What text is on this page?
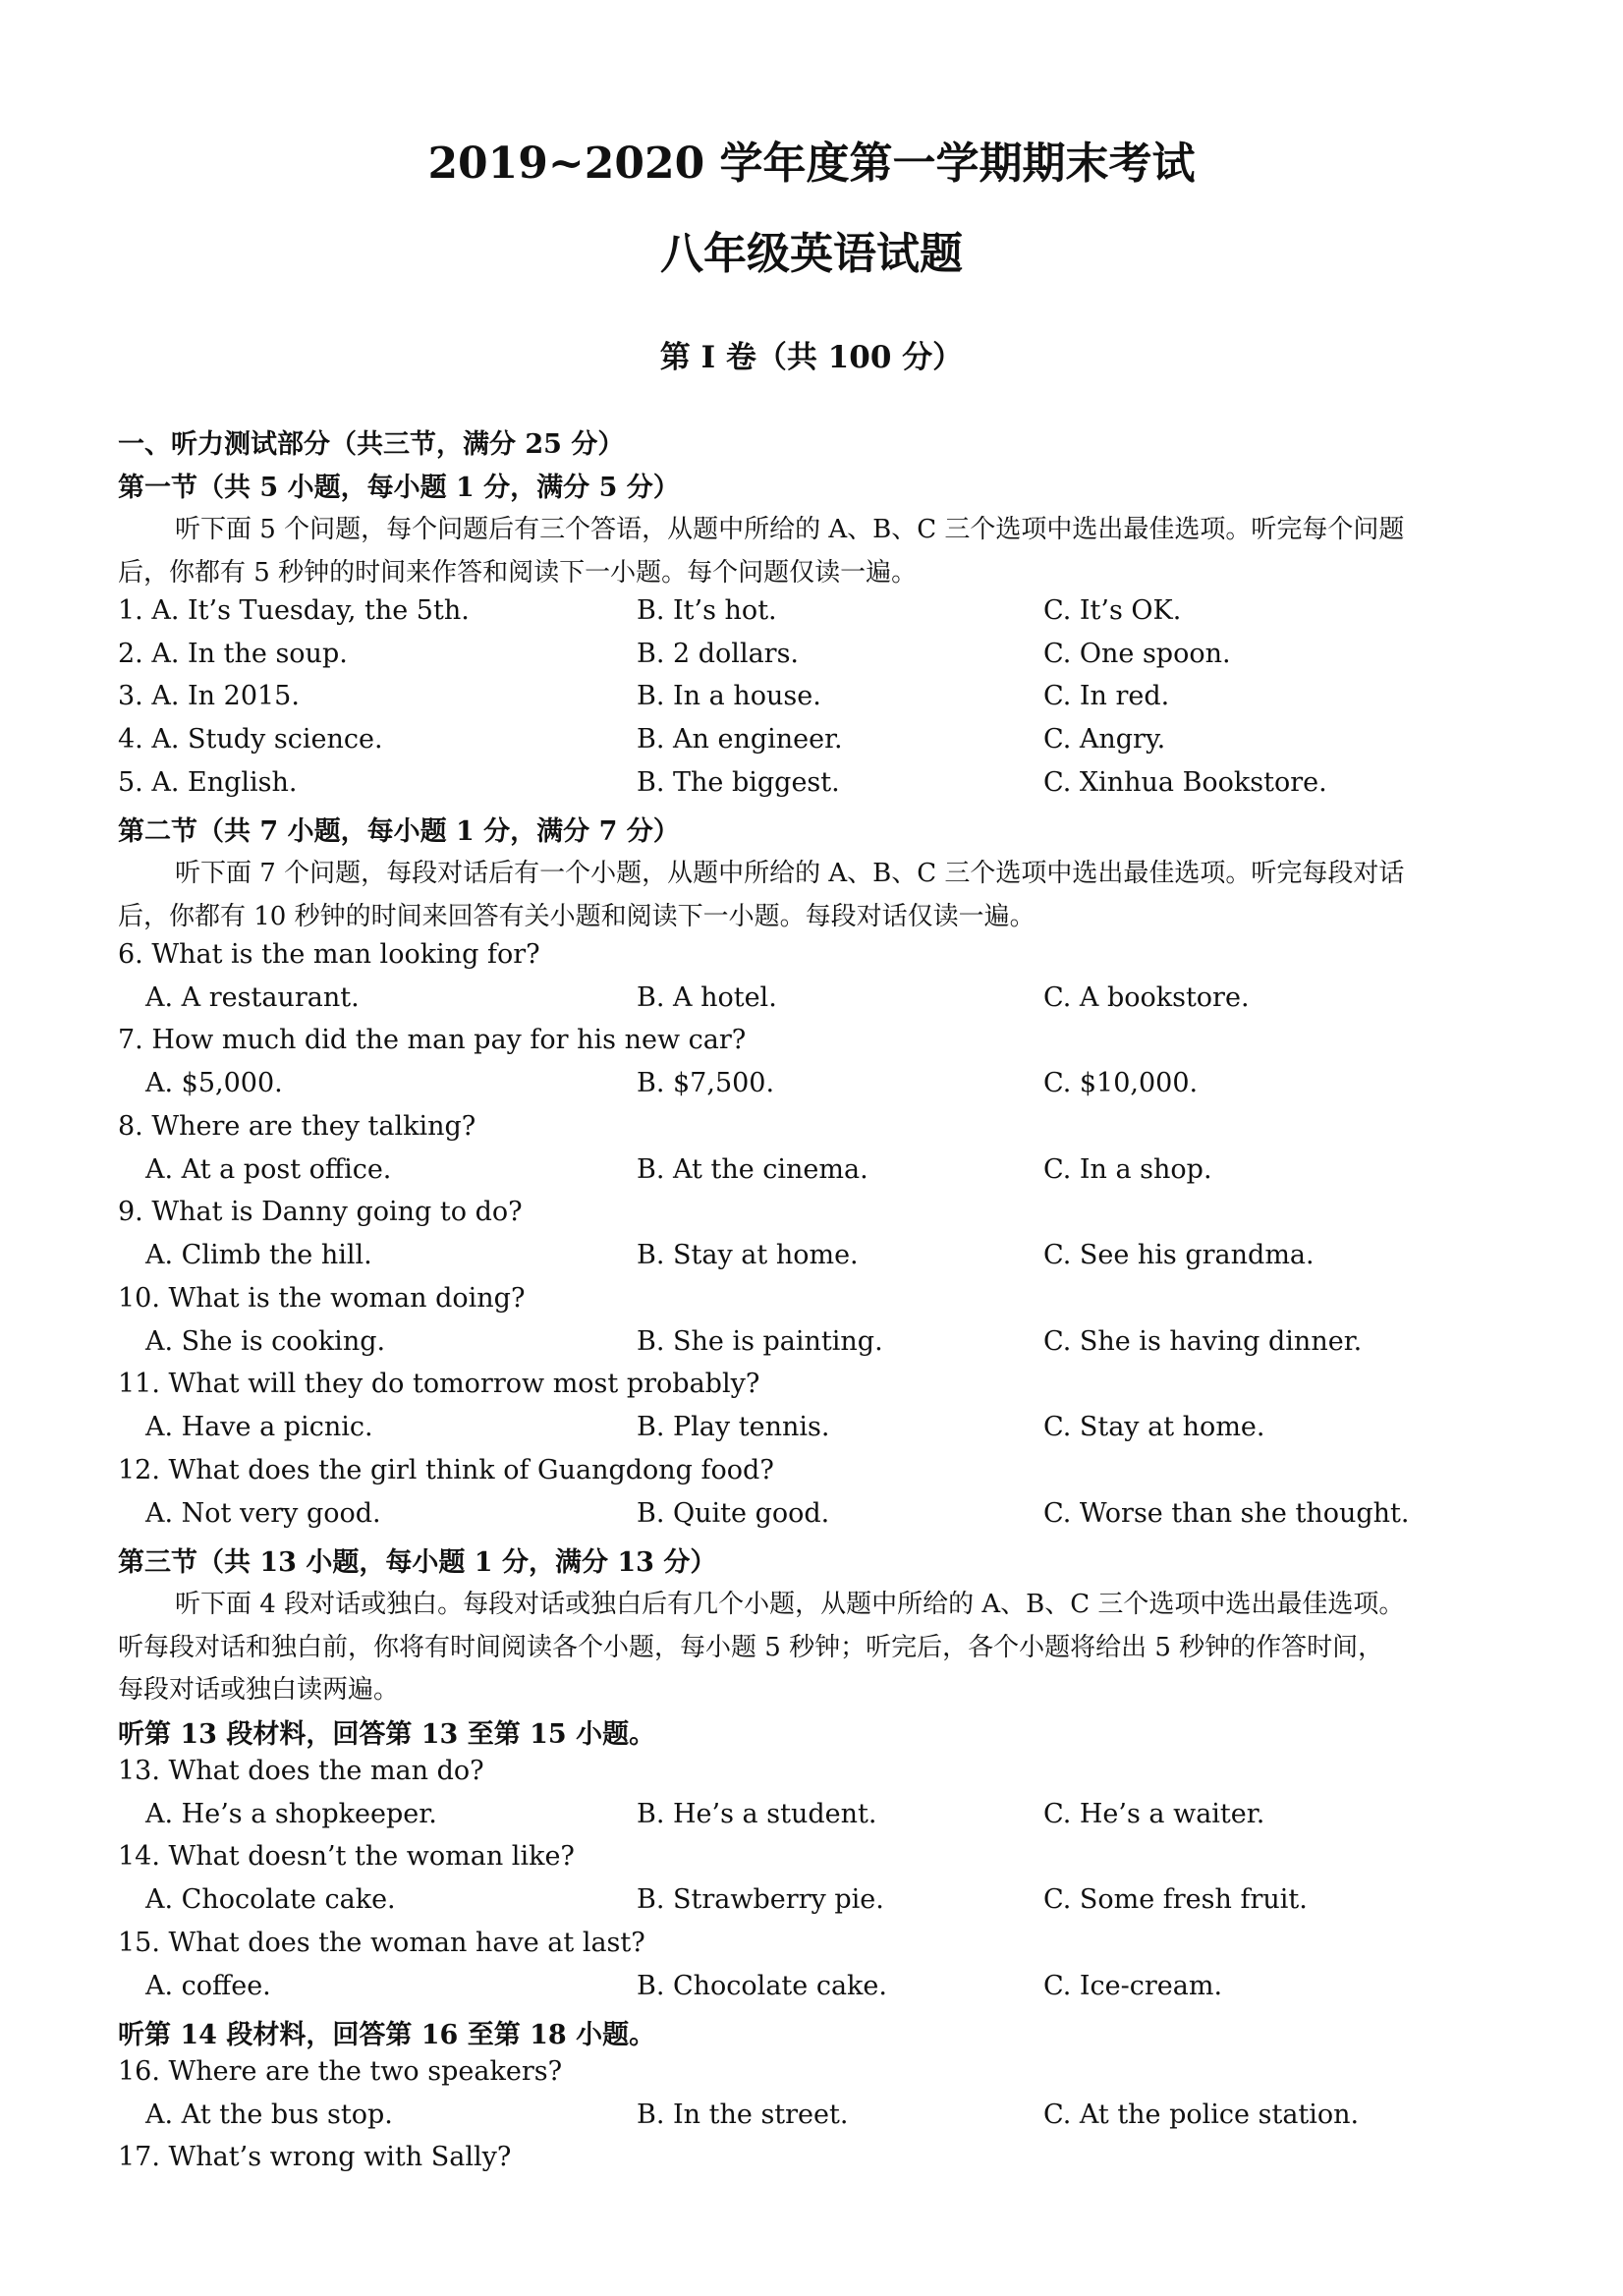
2019~2020 学年度第一学期期末考试
八年级英语试题
第 I 卷（共 100 分）
一、听力测试部分（共三节，满分 25 分）
第一节（共 5 小题，每小题 1 分，满分 5 分）
听下面 5 个问题，每个问题后有三个答语，从题中所给的 A、B、C 三个选项中选出最佳选项。听完每个问题
后，你都有 5 秒钟的时间来作答和阅读下一小题。每个问题仅读一遍。
1. A. It’s Tuesday, the 5th.	B. It’s hot.	C. It’s OK.
2. A. In the soup.	B. 2 dollars.	C. One spoon.
3. A. In 2015.	B. In a house.	C. In red.
4. A. Study science.	B. An engineer.	C. Angry.
5. A. English.	B. The biggest.	C. Xinhua Bookstore.
第二节（共 7 小题，每小题 1 分，满分 7 分）
听下面 7 个问题，每段对话后有一个小题，从题中所给的 A、B、C 三个选项中选出最佳选项。听完每段对话
后，你都有 10 秒钟的时间来回答有关小题和阅读下一小题。每段对话仅读一遍。
6. What is the man looking for?
A. A restaurant.	B. A hotel.	C. A bookstore.
7. How much did the man pay for his new car?
A. $5,000.	B. $7,500.	C. $10,000.
8. Where are they talking?
A. At a post office.	B. At the cinema.	C. In a shop.
9. What is Danny going to do?
A. Climb the hill.	B. Stay at home.	C. See his grandma.
10. What is the woman doing?
A. She is cooking.	B. She is painting.	C. She is having dinner.
11. What will they do tomorrow most probably?
A. Have a picnic.	B. Play tennis.	C. Stay at home.
12. What does the girl think of Guangdong food?
A. Not very good.	B. Quite good.	C. Worse than she thought.
第三节（共 13 小题，每小题 1 分，满分 13 分）
听下面 4 段对话或独白。每段对话或独白后有几个小题，从题中所给的 A、B、C 三个选项中选出最佳选项。
听每段对话和独白前，你将有时间阅读各个小题，每小题 5 秒钟；听完后，各个小题将给出 5 秒钟的作答时间，
每段对话或独白读两遍。
听第 13 段材料，回答第 13 至第 15 小题。
13. What does the man do?
A. He’s a shopkeeper.	B. He’s a student.	C. He’s a waiter.
14. What doesn’t the woman like?
A. Chocolate cake.	B. Strawberry pie.	C. Some fresh fruit.
15. What does the woman have at last?
A. coffee.	B. Chocolate cake.	C. Ice-cream.
听第 14 段材料，回答第 16 至第 18 小题。
16. Where are the two speakers?
A. At the bus stop.	B. In the street.	C. At the police station.
17. What’s wrong with Sally?
